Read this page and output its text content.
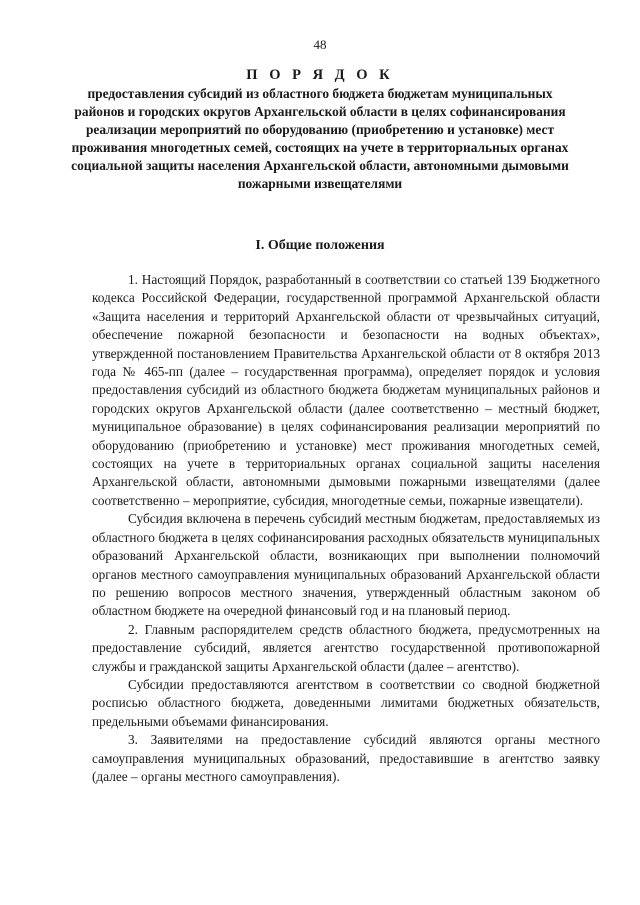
48
П О Р Я Д О К
предоставления субсидий из областного бюджета бюджетам муниципальных районов и городских округов Архангельской области в целях софинансирования реализации мероприятий по оборудованию (приобретению и установке) мест проживания многодетных семей, состоящих на учете в территориальных органах социальной защиты населения Архангельской области, автономными дымовыми пожарными извещателями
I. Общие положения

1. Настоящий Порядок, разработанный в соответствии со статьей 139 Бюджетного кодекса Российской Федерации, государственной программой Архангельской области «Защита населения и территорий Архангельской области от чрезвычайных ситуаций, обеспечение пожарной безопасности и безопасности на водных объектах», утвержденной постановлением Правительства Архангельской области от 8 октября 2013 года № 465-пп (далее – государственная программа), определяет порядок и условия предоставления субсидий из областного бюджета бюджетам муниципальных районов и городских округов Архангельской области (далее соответственно – местный бюджет, муниципальное образование) в целях софинансирования реализации мероприятий по оборудованию (приобретению и установке) мест проживания многодетных семей, состоящих на учете в территориальных органах социальной защиты населения Архангельской области, автономными дымовыми пожарными извещателями (далее соответственно – мероприятие, субсидия, многодетные семьи, пожарные извещатели).

Субсидия включена в перечень субсидий местным бюджетам, предоставляемых из областного бюджета в целях софинансирования расходных обязательств муниципальных образований Архангельской области, возникающих при выполнении полномочий органов местного самоуправления муниципальных образований Архангельской области по решению вопросов местного значения, утвержденный областным законом об областном бюджете на очередной финансовый год и на плановый период.

2. Главным распорядителем средств областного бюджета, предусмотренных на предоставление субсидий, является агентство государственной противопожарной службы и гражданской защиты Архангельской области (далее – агентство).

Субсидии предоставляются агентством в соответствии со сводной бюджетной росписью областного бюджета, доведенными лимитами бюджетных обязательств, предельными объемами финансирования.

3. Заявителями на предоставление субсидий являются органы местного самоуправления муниципальных образований, предоставившие в агентство заявку (далее – органы местного самоуправления).
